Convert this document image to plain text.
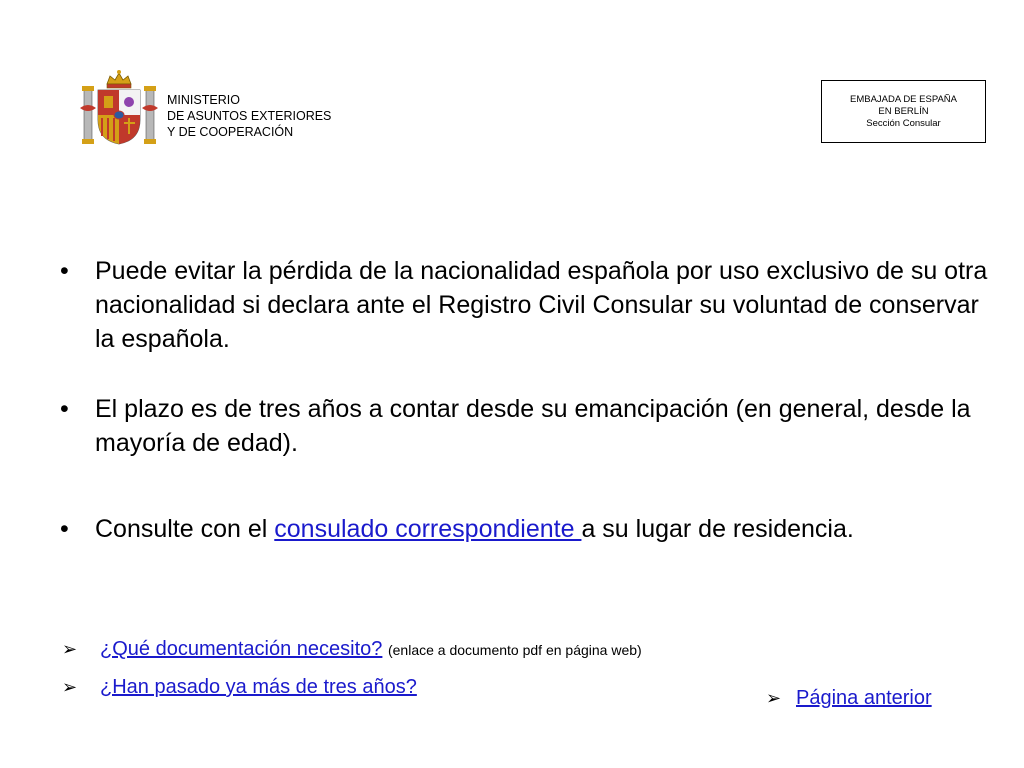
MINISTERIO
DE ASUNTOS EXTERIORES
Y DE COOPERACIÓN
EMBAJADA DE ESPAÑA
EN BERLÍN
Sección Consular

• Puede evitar la pérdida de la nacionalidad española por uso exclusivo de su otra nacionalidad si declara ante el Registro Civil Consular su voluntad de conservar la española.

• El plazo es de tres años a contar desde su emancipación (en general, desde la mayoría de edad).

• Consulte con el consulado correspondiente a su lugar de residencia.

➢ ¿Qué documentación necesito? (enlace a documento pdf en página web)
➢ ¿Han pasado ya más de tres años?	➢ Página anterior
